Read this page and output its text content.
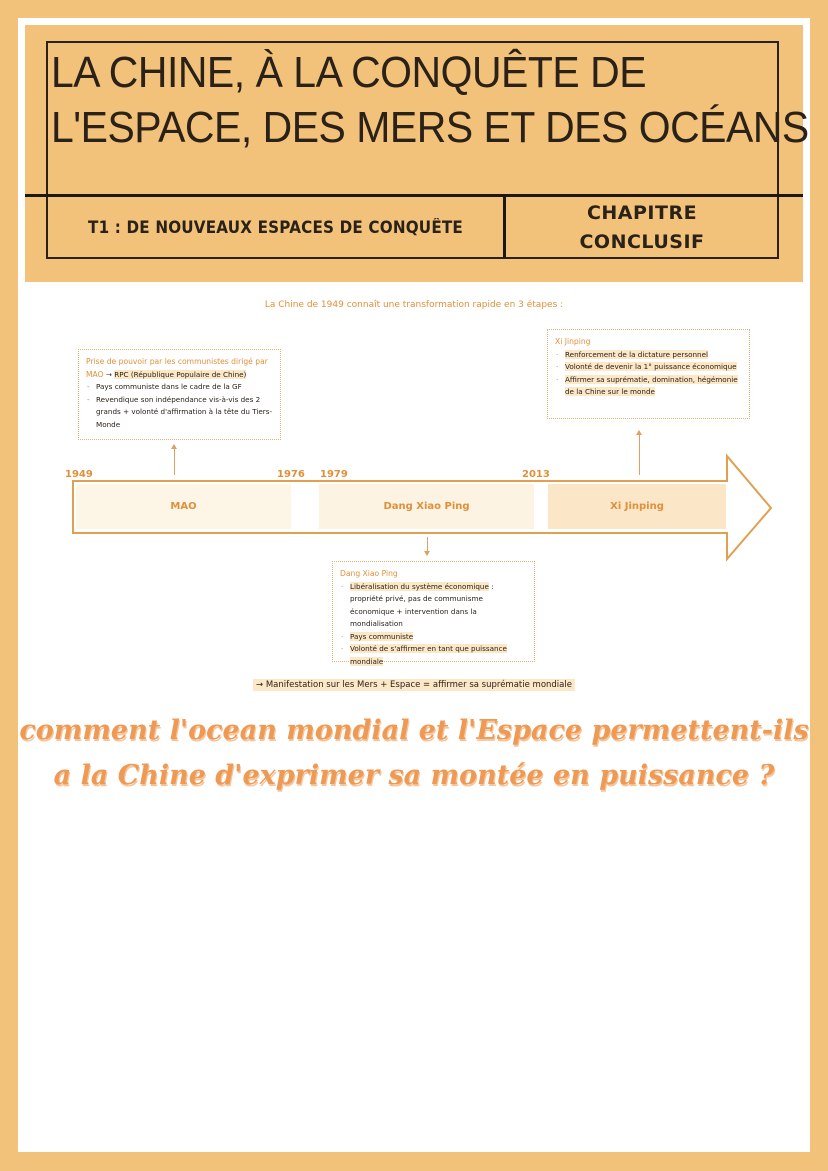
LA CHINE, À LA CONQUÊTE DE
L'ESPACE, DES MERS ET DES OCÉANS
T1 : DE NOUVEAUX ESPACES DE CONQUÊTE
CHAPITRE
CONCLUSIF
La Chine de 1949 connaît une transformation rapide en 3 étapes :
Prise de pouvoir par les communistes dirigé par
MAO → RPC (République Populaire de Chine)
- Pays communiste dans le cadre de la GF
- Revendique son indépendance vis-à-vis des 2 grands + volonté d'affirmation à la tête du Tiers-Monde
Xi Jinping
· Renforcement de la dictature personnel
· Volonté de devenir la 1° puissance économique
· Affirmer sa suprématie, domination, hégémonie de la Chine sur le monde
MAO	Dang Xiao Ping	Xi Jinping
1949	1976 1979	2013
Dang Xiao Ping
· Libéralisation du système économique : propriété privé, pas de communisme économique + intervention dans la mondialisation
· Pays communiste
· Volonté de s'affirmer en tant que puissance mondiale
→ Manifestation sur les Mers + Espace = affirmer sa suprématie mondiale
comment l'ocean mondial et l'Espace permettent-ils
a la Chine d'exprimer sa montée en puissance ?
